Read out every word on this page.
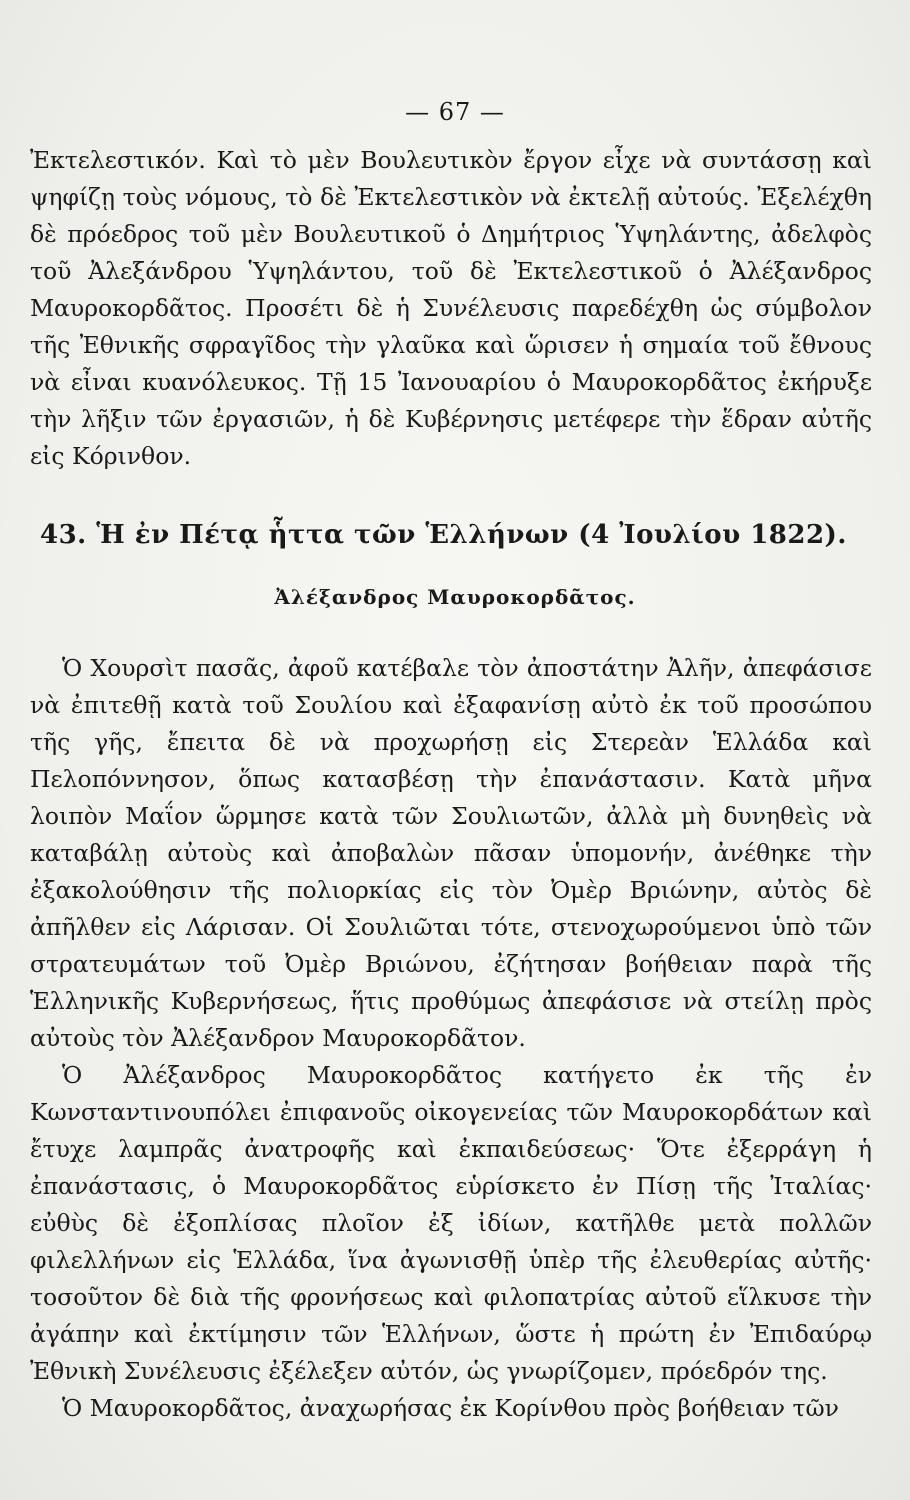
— 67 —

Ἐκτελεστικόν. Καὶ τὸ μὲν Βουλευτικὸν ἔργον εἶχε νὰ συντάσσῃ καὶ ψηφίζῃ τοὺς νόμους, τὸ δὲ Ἐκτελεστικὸν νὰ ἐκτελῇ αὐτούς. Ἐξελέχθη δὲ πρόεδρος τοῦ μὲν Βουλευτικοῦ ὁ Δημήτριος Ὑψηλάντης, ἀδελφὸς τοῦ Ἀλεξάνδρου Ὑψηλάντου, τοῦ δὲ Ἐκτελεστικοῦ ὁ Ἀλέξανδρος Μαυροκορδᾶτος. Προσέτι δὲ ἡ Συνέλευσις παρεδέχθη ὡς σύμβολον τῆς Ἐθνικῆς σφραγῖδος τὴν γλαῦκα καὶ ὥρισεν ἡ σημαία τοῦ ἔθνους νὰ εἶναι κυανόλευκος. Τῇ 15 Ἰανουαρίου ὁ Μαυροκορδᾶτος ἐκήρυξε τὴν λῆξιν τῶν ἐργασιῶν, ἡ δὲ Κυβέρνησις μετέφερε τὴν ἕδραν αὐτῆς εἰς Κόρινθον.

43. Ἡ ἐν Πέτᾳ ἧττα τῶν Ἑλλήνων (4 Ἰουλίου 1822).
Ἀλέξανδρος Μαυροκορδᾶτος.

Ὁ Χουρσὶτ πασᾶς, ἀφοῦ κατέβαλε τὸν ἀποστάτην Ἀλῆν, ἀπεφάσισε νὰ ἐπιτεθῇ κατὰ τοῦ Σουλίου καὶ ἐξαφανίσῃ αὐτὸ ἐκ τοῦ προσώπου τῆς γῆς, ἔπειτα δὲ νὰ προχωρήσῃ εἰς Στερεὰν Ἑλλάδα καὶ Πελοπόννησον, ὅπως κατασβέσῃ τὴν ἐπανάστασιν. Κατὰ μῆνα λοιπὸν Μαΐον ὥρμησε κατὰ τῶν Σουλιωτῶν, ἀλλὰ μὴ δυνηθεὶς νὰ καταβάλῃ αὐτοὺς καὶ ἀποβαλὼν πᾶσαν ὑπομονήν, ἀνέθηκε τὴν ἐξακολούθησιν τῆς πολιορκίας εἰς τὸν Ὀμὲρ Βριώνην, αὐτὸς δὲ ἀπῆλθεν εἰς Λάρισαν. Οἱ Σουλιῶται τότε, στενοχωρούμενοι ὑπὸ τῶν στρατευμάτων τοῦ Ὀμὲρ Βριώνου, ἐζήτησαν βοήθειαν παρὰ τῆς Ἑλληνικῆς Κυβερνήσεως, ἥτις προθύμως ἀπεφάσισε νὰ στείλῃ πρὸς αὐτοὺς τὸν Ἀλέξανδρον Μαυροκορδᾶτον.

Ὁ Ἀλέξανδρος Μαυροκορδᾶτος κατήγετο ἐκ τῆς ἐν Κωνσταντινουπόλει ἐπιφανοῦς οἰκογενείας τῶν Μαυροκορδάτων καὶ ἔτυχε λαμπρᾶς ἀνατροφῆς καὶ ἐκπαιδεύσεως· Ὅτε ἐξερράγη ἡ ἐπανάστασις, ὁ Μαυροκορδᾶτος εὑρίσκετο ἐν Πίσῃ τῆς Ἰταλίας· εὐθὺς δὲ ἐξοπλίσας πλοῖον ἐξ ἰδίων, κατῆλθε μετὰ πολλῶν φιλελλήνων εἰς Ἑλλάδα, ἵνα ἀγωνισθῇ ὑπὲρ τῆς ἐλευθερίας αὐτῆς· τοσοῦτον δὲ διὰ τῆς φρονήσεως καὶ φιλοπατρίας αὐτοῦ εἵλκυσε τὴν ἀγάπην καὶ ἐκτίμησιν τῶν Ἑλλήνων, ὥστε ἡ πρώτη ἐν Ἐπιδαύρῳ Ἐθνικὴ Συνέλευσις ἐξέλεξεν αὐτόν, ὡς γνωρίζομεν, πρόεδρόν της.

Ὁ Μαυροκορδᾶτος, ἀναχωρήσας ἐκ Κορίνθου πρὸς βοήθειαν τῶν
